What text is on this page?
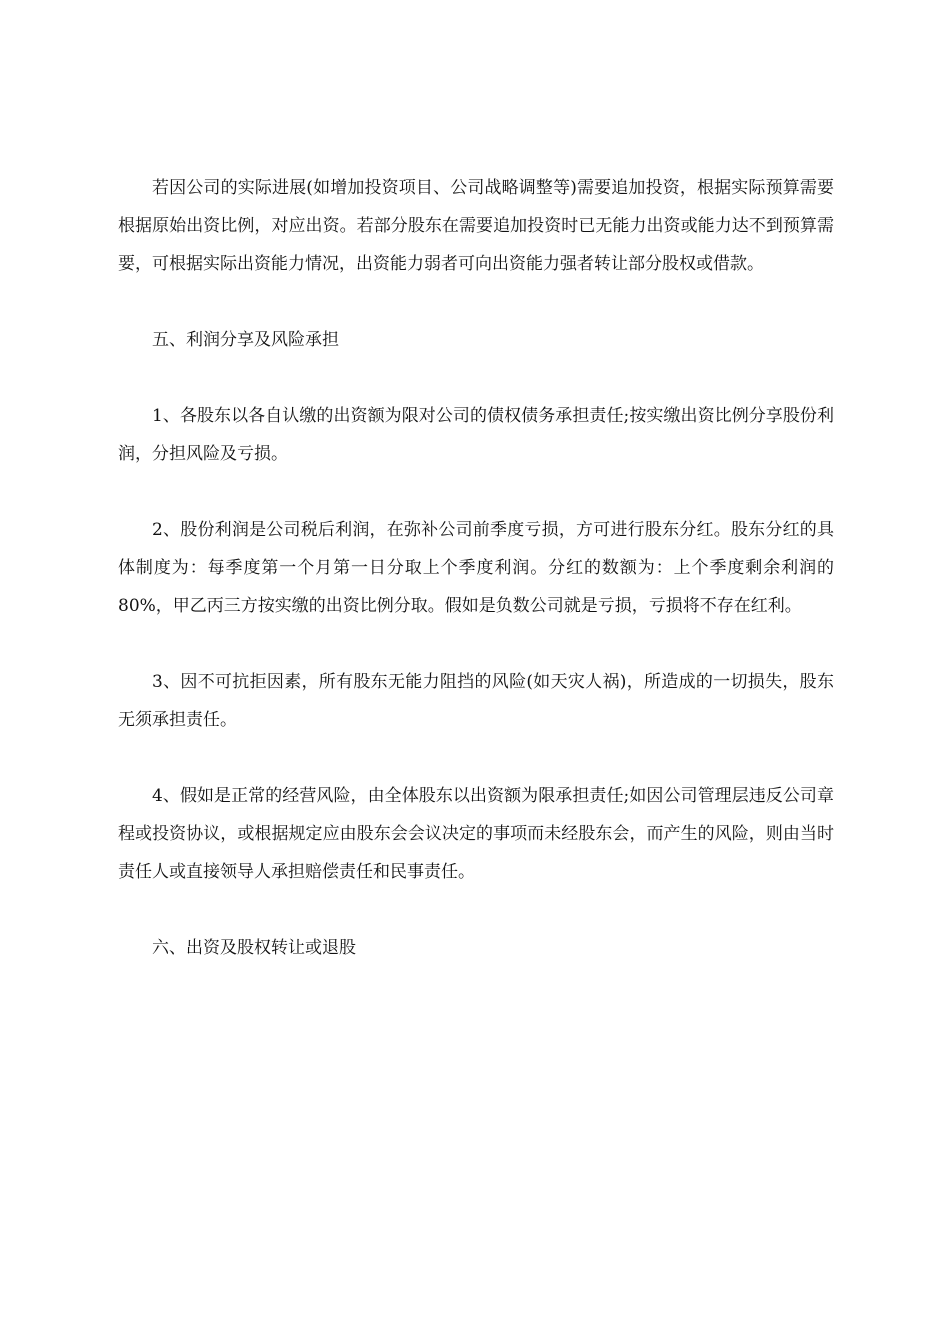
若因公司的实际进展(如增加投资项目、公司战略调整等)需要追加投资，根据实际预算需要根据原始出资比例，对应出资。若部分股东在需要追加投资时已无能力出资或能力达不到预算需要，可根据实际出资能力情况，出资能力弱者可向出资能力强者转让部分股权或借款。

五、利润分享及风险承担

1、各股东以各自认缴的出资额为限对公司的债权债务承担责任;按实缴出资比例分享股份利润，分担风险及亏损。

2、股份利润是公司税后利润，在弥补公司前季度亏损，方可进行股东分红。股东分红的具体制度为：每季度第一个月第一日分取上个季度利润。分红的数额为：上个季度剩余利润的80%，甲乙丙三方按实缴的出资比例分取。假如是负数公司就是亏损，亏损将不存在红利。

3、因不可抗拒因素，所有股东无能力阻挡的风险(如天灾人祸)，所造成的一切损失，股东无须承担责任。

4、假如是正常的经营风险，由全体股东以出资额为限承担责任;如因公司管理层违反公司章程或投资协议，或根据规定应由股东会会议决定的事项而未经股东会，而产生的风险，则由当时责任人或直接领导人承担赔偿责任和民事责任。

六、出资及股权转让或退股
